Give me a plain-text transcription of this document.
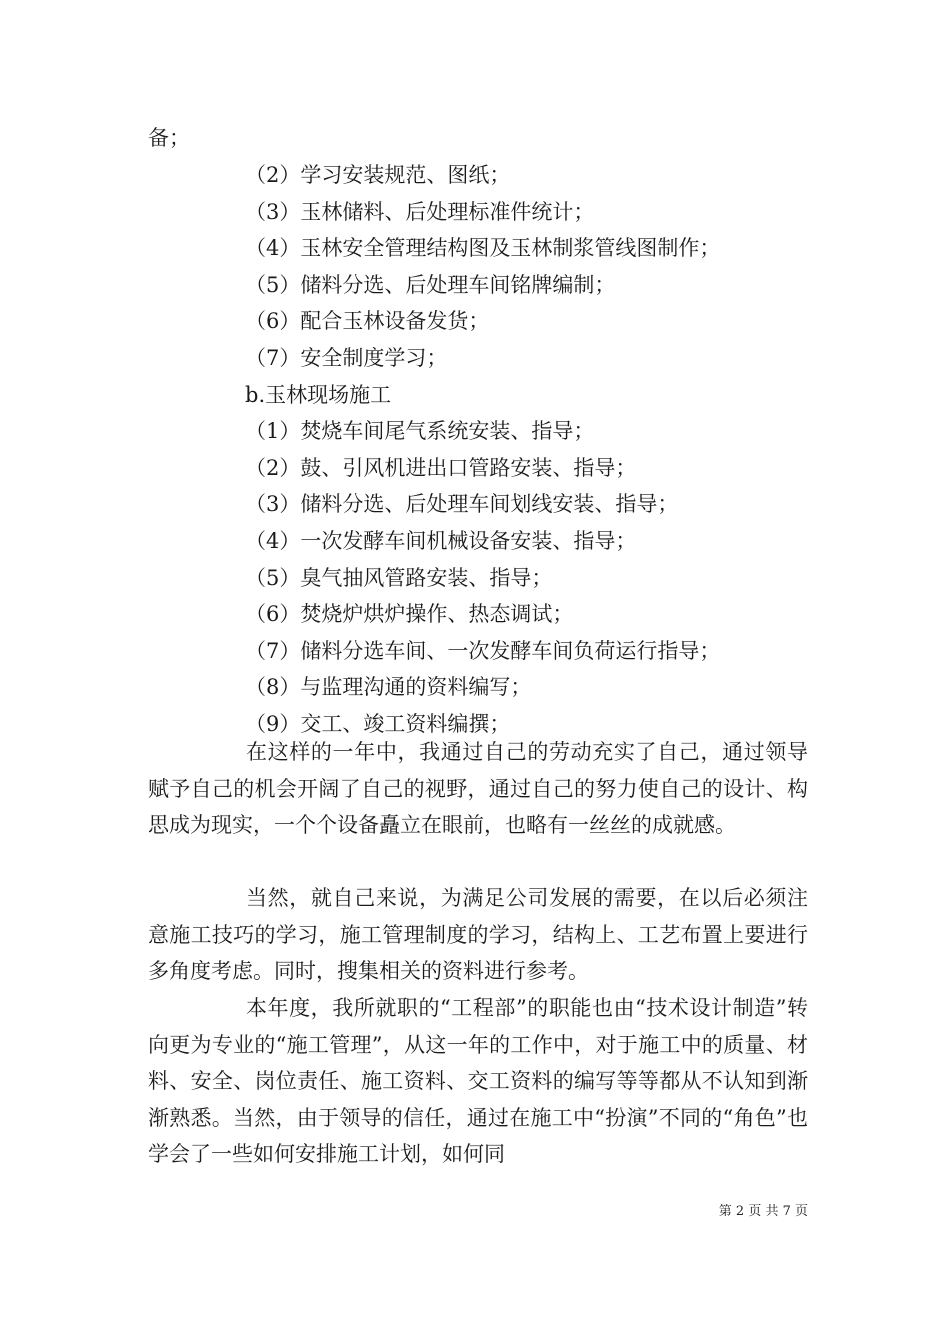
备；
（2）学习安装规范、图纸；
（3）玉林储料、后处理标准件统计；
（4）玉林安全管理结构图及玉林制浆管线图制作；
（5）储料分选、后处理车间铭牌编制；
（6）配合玉林设备发货；
（7）安全制度学习；
b.玉林现场施工
（1）焚烧车间尾气系统安装、指导；
（2）鼓、引风机进出口管路安装、指导；
（3）储料分选、后处理车间划线安装、指导；
（4）一次发酵车间机械设备安装、指导；
（5）臭气抽风管路安装、指导；
（6）焚烧炉烘炉操作、热态调试；
（7）储料分选车间、一次发酵车间负荷运行指导；
（8）与监理沟通的资料编写；
（9）交工、竣工资料编撰；

在这样的一年中，我通过自己的劳动充实了自己，通过领导赋予自己的机会开阔了自己的视野，通过自己的努力使自己的设计、构思成为现实，一个个设备矗立在眼前，也略有一丝丝的成就感。

当然，就自己来说，为满足公司发展的需要，在以后必须注意施工技巧的学习，施工管理制度的学习，结构上、工艺布置上要进行多角度考虑。同时，搜集相关的资料进行参考。

本年度，我所就职的“工程部”的职能也由“技术设计制造”转向更为专业的“施工管理”，从这一年的工作中，对于施工中的质量、材料、安全、岗位责任、施工资料、交工资料的编写等等都从不认知到渐渐熟悉。当然，由于领导的信任，通过在施工中“扮演”不同的“角色”也学会了一些如何安排施工计划，如何同

第 2 页 共 7 页
